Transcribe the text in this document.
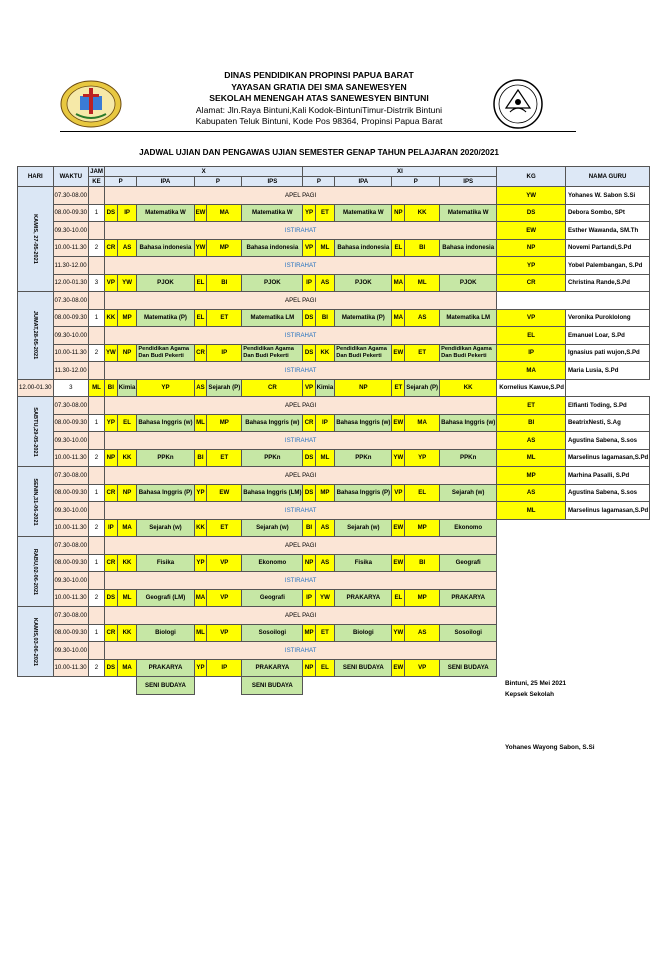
DINAS PENDIDIKAN PROPINSI PAPUA BARAT
YAYASAN GRATIA DEI SMA SANEWESYEN
SEKOLAH MENENGAH ATAS SANEWESYEN BINTUNI
Alamat: Jln.Raya Bintuni,Kali Kodok-BintuniTimur-Distrrik Bintuni
Kabupaten Teluk Bintuni, Kode Pos 98364, Propinsi Papua Barat
JADWAL UJIAN DAN PENGAWAS UJIAN SEMESTER GENAP TAHUN PELAJARAN 2020/2021
HARI	WAKTU	JAM	X						XI						KG	NAMA GURU
		KE	P		IPA	P		IPS	P		IPA	P		IPS		

KAMIS, 27-05-2021	07.30-08.00		APEL PAGI												YW	Yohanes W. Sabon S.Si
	08.00-09.30	1	DS	IP	Matematika W	EW	MA	Matematika W	YP	ET	Matematika W	NP	KK	Matematika W	DS	Debora Sombo, SPt
	09.30-10.00		ISTIRAHAT												EW	Esther Wawanda, SM.Th
	10.00-11.30	2	CR	AS	Bahasa indonesia	YW	MP	Bahasa indonesia	VP	ML	Bahasa indonesia	EL	BI	Bahasa indonesia	NP	Novemi Partandi,S.Pd
	11.30-12.00		ISTIRAHAT												YP	Yobel Palembangan, S.Pd
	12.00-01.30	3	VP	YW	PJOK	EL	BI	PJOK	IP	AS	PJOK	MA	ML	PJOK	CR	Christina Rande,S.Pd

JUMAT,28-05-2021	07.30-08.00		APEL PAGI													
	08.00-09.30	1	KK	MP	Matematika (P)	EL	ET	Matematika LM	DS	BI	Matematika (P)	MA	AS	Matematika LM	VP	Veronika Puroklolong
	09.30-10.00		ISTIRAHAT												EL	Emanuel Loar, S.Pd
	10.00-11.30	2	YW	NP	Pendidikan Agama Dan Budi Pekerti	CR	IP	Pendidikan Agama Dan Budi Pekerti	DS	KK	Pendidikan Agama Dan Budi Pekerti	EW	ET	Pendidikan Agama Dan Budi Pekerti	IP	Ignasius pati wujon,S.Pd
	11.30-12.00		ISTIRAHAT												MA	Maria Lusia, S.Pd
12.00-01.30	3	ML	BI	Kimia	YP	AS	Sejarah (P)	CR	VP	Kimia	NP	ET	Sejarah (P)	KK	Kornelius Kawue,S.Pd	

SABTU,29-05-2021	07.30-08.00		APEL PAGI												ET	Elfianti Toding, S.Pd
	08.00-09.30	1	YP	EL	Bahasa Inggris (w)	ML	MP	Bahasa Inggris (w)	CR	IP	Bahasa Inggris (w)	EW	MA	Bahasa Inggris (w)	BI	BeatrixNesti, S.Ag
	09.30-10.00		ISTIRAHAT												AS	Agustina Sabena, S.sos
	10.00-11.30	2	NP	KK	PPKn	BI	ET	PPKn	DS	ML	PPKn	YW	YP	PPKn	ML	Marselinus lagamasan,S.Pd

SENIN,31-06-2021	07.30-08.00		APEL PAGI												MP	Marhina Pasalli, S.Pd
	08.00-09.30	1	CR	NP	Bahasa Inggris (P)	YP	EW	Bahasa Inggris (LM)	DS	MP	Bahasa Inggris (P)	VP	EL	Sejarah (w)	AS	Agustina Sabena, S.sos
	09.30-10.00		ISTIRAHAT												ML	Marselinus lagamasan,S.Pd
	10.00-11.30	2	IP	MA	Sejarah (w)	KK	ET	Sejarah (w)	BI	AS	Sejarah (w)	EW	MP	Ekonomo		

RABU,02-06-2021	07.30-08.00		APEL PAGI													
	08.00-09.30	1	CR	KK	Fisika	YP	VP	Ekonomo	NP	AS	Fisika	EW	BI	Geografi		
	09.30-10.00		ISTIRAHAT													
	10.00-11.30	2	DS	ML	Geografi (LM)	MA	VP	Geografi	IP	YW	PRAKARYA	EL	MP	PRAKARYA		

KAMIS,03-06-2021	07.30-08.00		APEL PAGI													
	08.00-09.30	1	CR	KK	Biologi	ML	VP	Sosoilogi	MP	ET	Biologi	YW	AS	Sosoilogi		
	09.30-10.00		ISTIRAHAT													
	10.00-11.30	2	DS	MA	PRAKARYA	YP	IP	PRAKARYA	NP	EL	SENI BUDAYA	EW	VP	SENI BUDAYA		
					SENI BUDAYA			SENI BUDAYA									Bintuni, 25 Mei 2021
Kepsek Sekolah
Yohanes Wayong Sabon, S.Si
